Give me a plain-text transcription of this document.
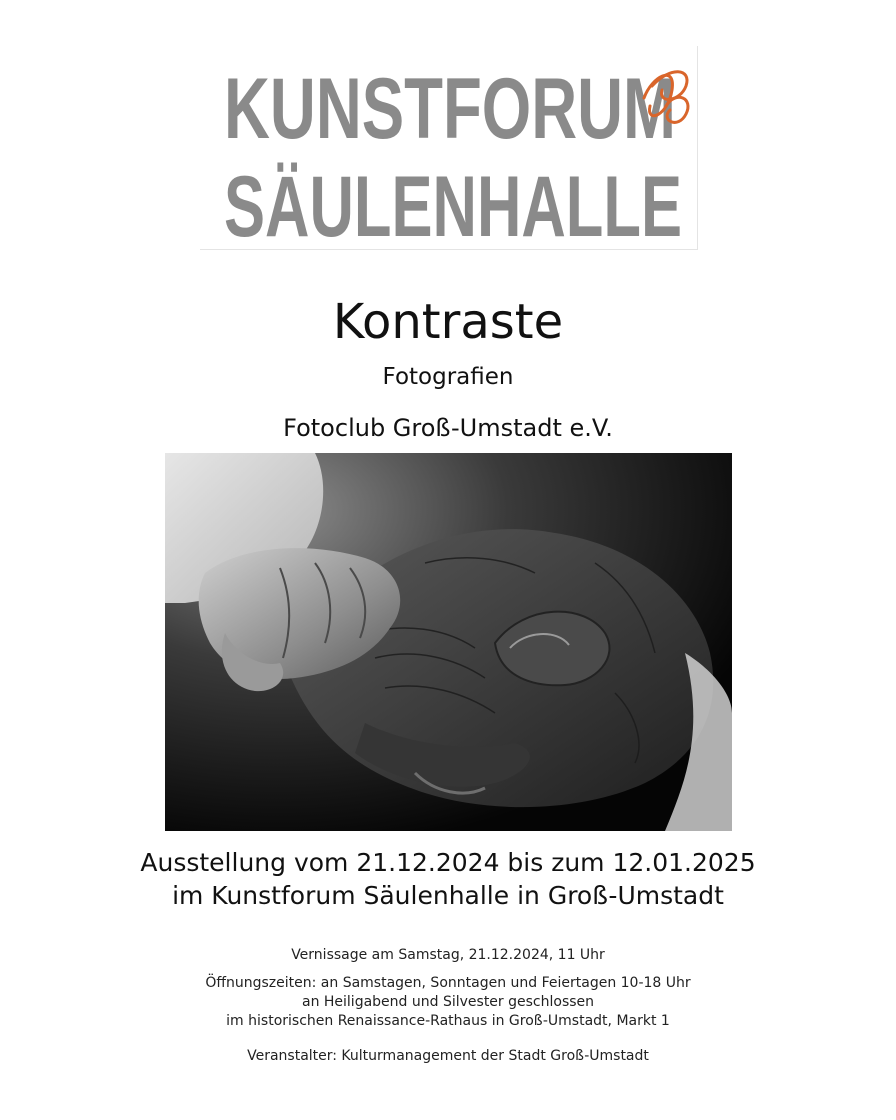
KUNSTFORUM
SÄULENHALLE
Kontraste
Fotografien
Fotoclub Groß-Umstadt e.V.
Ausstellung vom 21.12.2024 bis zum 12.01.2025
im Kunstforum Säulenhalle in Groß-Umstadt
Vernissage am Samstag, 21.12.2024, 11 Uhr
Öffnungszeiten: an Samstagen, Sonntagen und Feiertagen 10-18 Uhr
an Heiligabend und Silvester geschlossen
im historischen Renaissance-Rathaus in Groß-Umstadt, Markt 1
Veranstalter: Kulturmanagement der Stadt Groß-Umstadt
